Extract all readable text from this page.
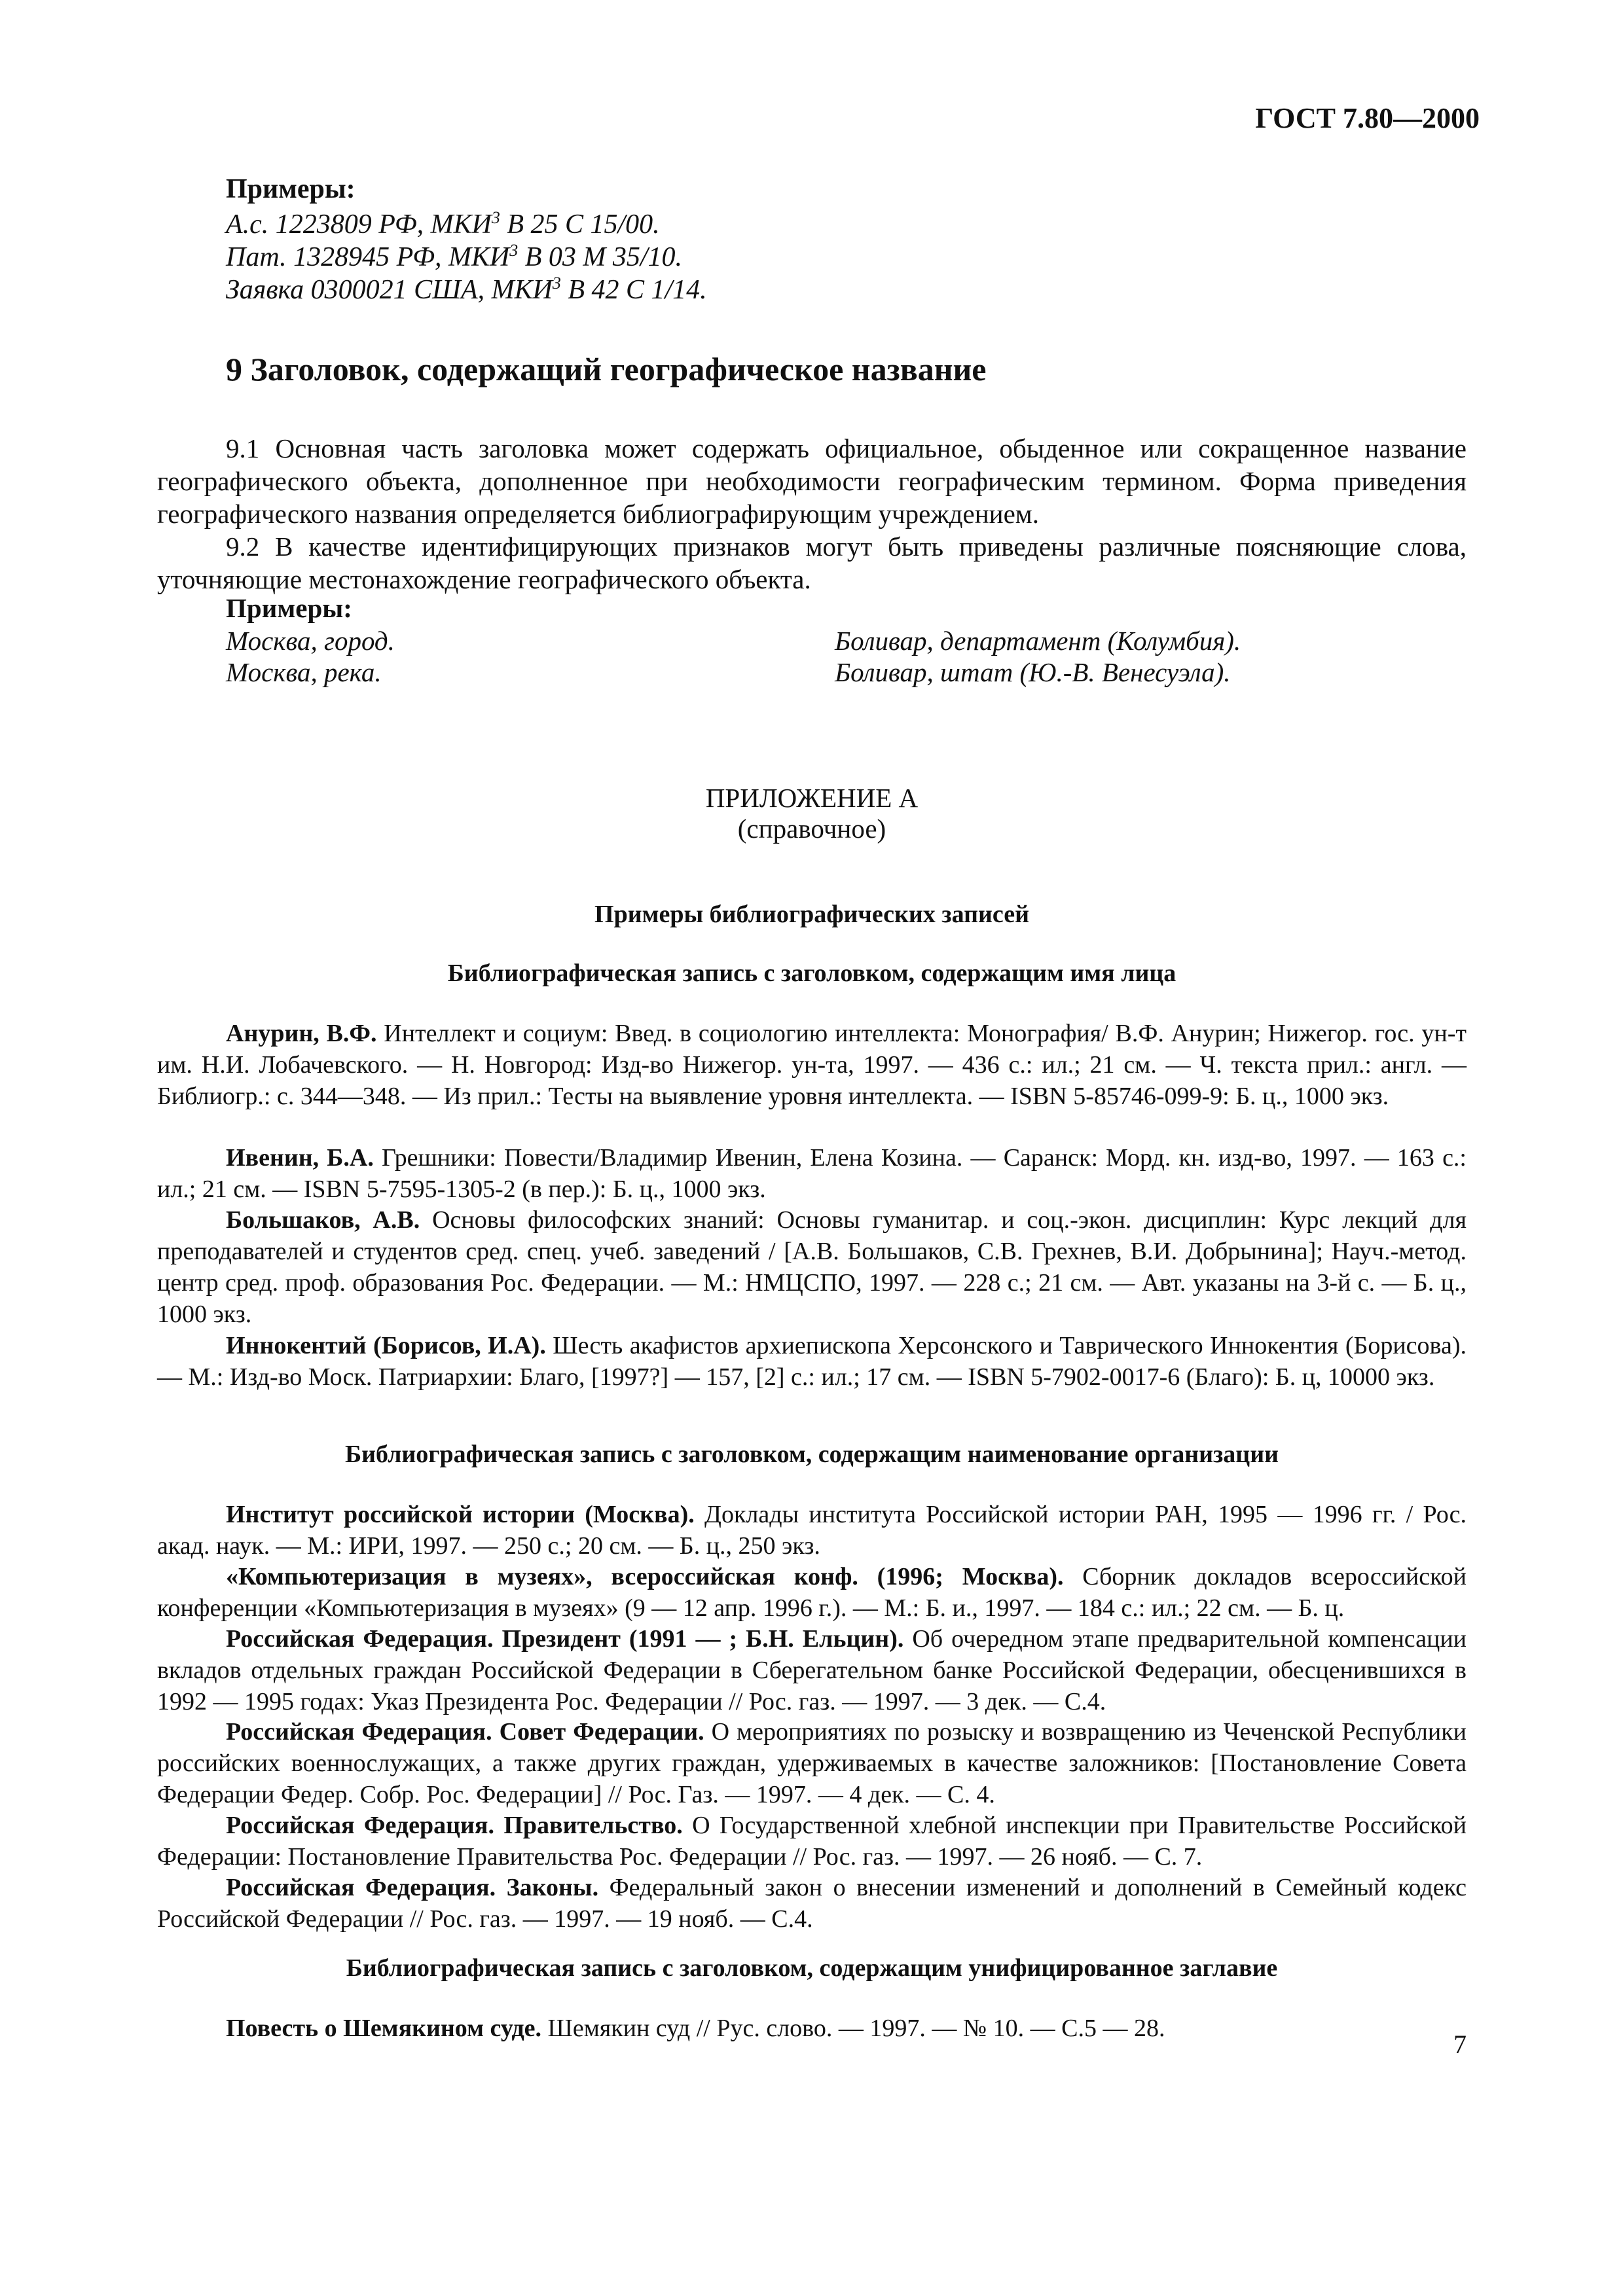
ГОСТ 7.80—2000
Примеры:
А.с. 1223809 РФ, МКИ$^3$ В 25 С 15/00.
Пат. 1328945 РФ, МКИ$^3$ В 03 М 35/10.
Заявка 0300021 США, МКИ$^3$ В 42 С 1/14.
9 Заголовок, содержащий географическое название
9.1 Основная часть заголовка может содержать официальное, обыденное или сокращенное название географического объекта, дополненное при необходимости географическим термином. Форма приведения географического названия определяется библиографирующим учреждением.
9.2 В качестве идентифицирующих признаков могут быть приведены различные поясняющие слова, уточняющие местонахождение географического объекта.
Примеры:
Москва, город.
Москва, река.
Боливар, департамент (Колумбия).
Боливар, штат (Ю.-В. Венесуэла).
ПРИЛОЖЕНИЕ А
(справочное)
Примеры библиографических записей
Библиографическая запись с заголовком, содержащим имя лица
Анурин, В.Ф. Интеллект и социум: Введ. в социологию интеллекта: Монография/ В.Ф. Анурин; Нижегор. гос. ун-т им. Н.И. Лобачевского. — Н. Новгород: Изд-во Нижегор. ун-та, 1997. — 436 с.: ил.; 21 см. — Ч. текста прил.: англ. — Библиогр.: с. 344—348. — Из прил.: Тесты на выявление уровня интеллекта. — ISBN 5-85746-099-9: Б. ц., 1000 экз.
Ивенин, Б.А. Грешники: Повести/Владимир Ивенин, Елена Козина. — Саранск: Морд. кн. изд-во, 1997. — 163 с.: ил.; 21 см. — ISBN 5-7595-1305-2 (в пер.): Б. ц., 1000 экз.
Большаков, А.В. Основы философских знаний: Основы гуманитар. и соц.-экон. дисциплин: Курс лекций для преподавателей и студентов сред. спец. учеб. заведений / [А.В. Большаков, С.В. Грехнев, В.И. Добрынина]; Науч.-метод. центр сред. проф. образования Рос. Федерации. — М.: НМЦСПО, 1997. — 228 с.; 21 см. — Авт. указаны на 3-й с. — Б. ц., 1000 экз.
Иннокентий (Борисов, И.А). Шесть акафистов архиепископа Херсонского и Таврического Иннокентия (Борисова). — М.: Изд-во Моск. Патриархии: Благо, [1997?] — 157, [2] с.: ил.; 17 см. — ISBN 5-7902-0017-6 (Благо): Б. ц, 10000 экз.
Библиографическая запись с заголовком, содержащим наименование организации
Институт российской истории (Москва). Доклады института Российской истории РАН, 1995 — 1996 гг. / Рос. акад. наук. — М.: ИРИ, 1997. — 250 с.; 20 см. — Б. ц., 250 экз.
«Компьютеризация в музеях», всероссийская конф. (1996; Москва). Сборник докладов всероссийской конференции «Компьютеризация в музеях» (9 — 12 апр. 1996 г.). — М.: Б. и., 1997. — 184 с.: ил.; 22 см. — Б. ц.
Российская Федерация. Президент (1991 — ; Б.Н. Ельцин). Об очередном этапе предварительной компенсации вкладов отдельных граждан Российской Федерации в Сберегательном банке Российской Федерации, обесценившихся в 1992 — 1995 годах: Указ Президента Рос. Федерации // Рос. газ. — 1997. — 3 дек. — С.4.
Российская Федерация. Совет Федерации. О мероприятиях по розыску и возвращению из Чеченской Республики российских военнослужащих, а также других граждан, удерживаемых в качестве заложников: [Постановление Совета Федерации Федер. Собр. Рос. Федерации] // Рос. Газ. — 1997. — 4 дек. — С. 4.
Российская Федерация. Правительство. О Государственной хлебной инспекции при Правительстве Российской Федерации: Постановление Правительства Рос. Федерации // Рос. газ. — 1997. — 26 нояб. — С. 7.
Российская Федерация. Законы. Федеральный закон о внесении изменений и дополнений в Семейный кодекс Российской Федерации // Рос. газ. — 1997. — 19 нояб. — С.4.
Библиографическая запись с заголовком, содержащим унифицированное заглавие
Повесть о Шемякином суде. Шемякин суд // Рус. слово. — 1997. — № 10. — С.5 — 28.
7
